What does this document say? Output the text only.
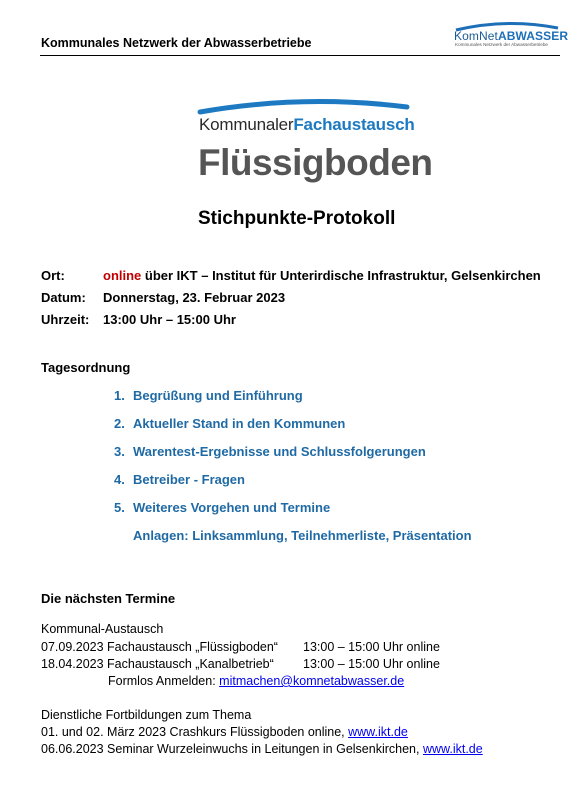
Kommunales Netzwerk der Abwasserbetriebe	KomNetABWASSER
Kommunales Netzwerk der Abwasserbetriebe
KommunalerFachaustausch
Flüssigboden
Stichpunkte-Protokoll
Ort:	online über IKT – Institut für Unterirdische Infrastruktur, Gelsenkirchen
Datum: Donnerstag, 23. Februar 2023
Uhrzeit: 13:00 Uhr – 15:00 Uhr
Tagesordnung
1. Begrüßung und Einführung
2. Aktueller Stand in den Kommunen
3. Warentest-Ergebnisse und Schlussfolgerungen
4. Betreiber - Fragen
5. Weiteres Vorgehen und Termine
Anlagen: Linksammlung, Teilnehmerliste, Präsentation
Die nächsten Termine
Kommunal-Austausch
07.09.2023 Fachaustausch „Flüssigboden“ 13:00 – 15:00 Uhr online
18.04.2023 Fachaustausch „Kanalbetrieb“ 13:00 – 15:00 Uhr online
Formlos Anmelden: mitmachen@komnetabwasser.de
Dienstliche Fortbildungen zum Thema
01. und 02. März 2023 Crashkurs Flüssigboden online, www.ikt.de
06.06.2023 Seminar Wurzeleinwuchs in Leitungen in Gelsenkirchen, www.ikt.de
